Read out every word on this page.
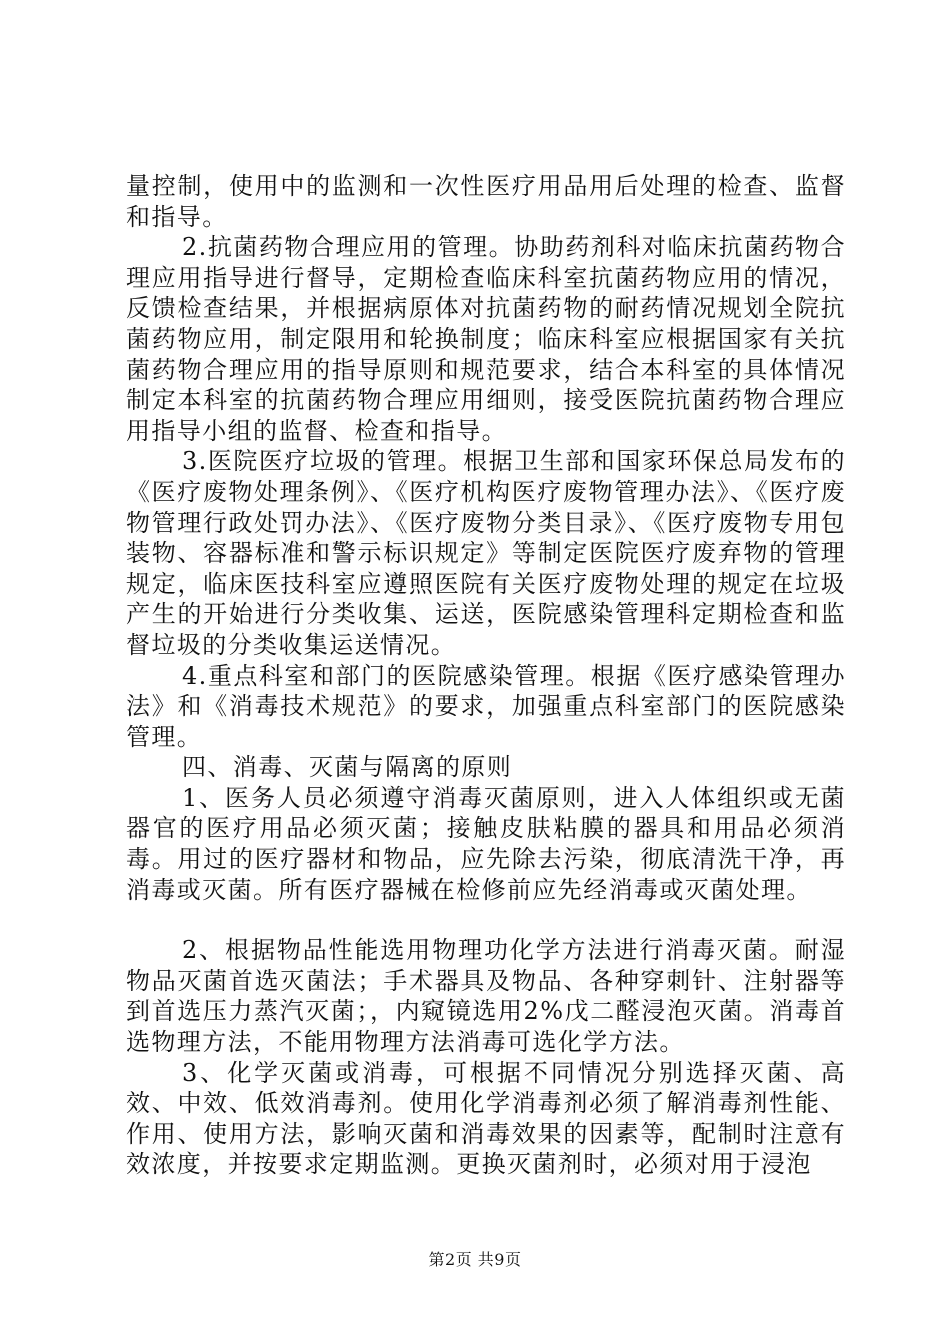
量控制，使用中的监测和一次性医疗用品用后处理的检查、监督和指导。

2.抗菌药物合理应用的管理。协助药剂科对临床抗菌药物合理应用指导进行督导，定期检查临床科室抗菌药物应用的情况，反馈检查结果，并根据病原体对抗菌药物的耐药情况规划全院抗菌药物应用，制定限用和轮换制度；临床科室应根据国家有关抗菌药物合理应用的指导原则和规范要求，结合本科室的具体情况制定本科室的抗菌药物合理应用细则，接受医院抗菌药物合理应用指导小组的监督、检查和指导。

3.医院医疗垃圾的管理。根据卫生部和国家环保总局发布的《医疗废物处理条例》、《医疗机构医疗废物管理办法》、《医疗废物管理行政处罚办法》、《医疗废物分类目录》、《医疗废物专用包装物、容器标准和警示标识规定》等制定医院医疗废弃物的管理规定，临床医技科室应遵照医院有关医疗废物处理的规定在垃圾产生的开始进行分类收集、运送，医院感染管理科定期检查和监督垃圾的分类收集运送情况。

4.重点科室和部门的医院感染管理。根据《医疗感染管理办法》和《消毒技术规范》的要求，加强重点科室部门的医院感染管理。

四、消毒、灭菌与隔离的原则

1、医务人员必须遵守消毒灭菌原则，进入人体组织或无菌器官的医疗用品必须灭菌；接触皮肤粘膜的器具和用品必须消毒。用过的医疗器材和物品，应先除去污染，彻底清洗干净，再消毒或灭菌。所有医疗器械在检修前应先经消毒或灭菌处理。

2、根据物品性能选用物理功化学方法进行消毒灭菌。耐湿物品灭菌首选灭菌法；手术器具及物品、各种穿刺针、注射器等到首选压力蒸汽灭菌；，内窥镜选用2%戊二醛浸泡灭菌。消毒首选物理方法，不能用物理方法消毒可选化学方法。

3、化学灭菌或消毒，可根据不同情况分别选择灭菌、高效、中效、低效消毒剂。使用化学消毒剂必须了解消毒剂性能、作用、使用方法，影响灭菌和消毒效果的因素等，配制时注意有效浓度，并按要求定期监测。更换灭菌剂时，必须对用于浸泡

第2页 共9页
